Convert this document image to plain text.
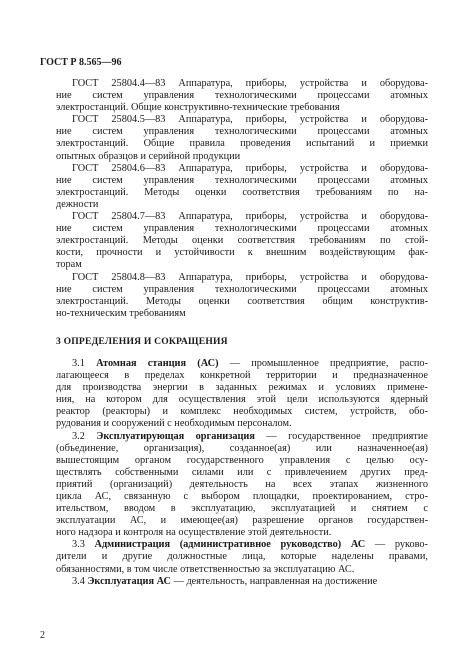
ГОСТ Р 8.565—96
ГОСТ 25804.4—83 Аппаратура, приборы, устройства и оборудова-
ние систем управления технологическими процессами атомных
электростанций. Общие конструктивно-технические требования
ГОСТ 25804.5—83 Аппаратура, приборы, устройства и оборудова-
ние систем управления технологическими процессами атомных
электростанций. Общие правила проведения испытаний и приемки
опытных образцов и серийной продукции
ГОСТ 25804.6—83 Аппаратура, приборы, устройства и оборудова-
ние систем управления технологическими процессами атомных
электростанций. Методы оценки соответствия требованиям по на-
дежности
ГОСТ 25804.7—83 Аппаратура, приборы, устройства и оборудова-
ние систем управления технологическими процессами атомных
электростанций. Методы оценки соответствия требованиям по стой-
кости, прочности и устойчивости к внешним воздействующим фак-
торам
ГОСТ 25804.8—83 Аппаратура, приборы, устройства и оборудова-
ние систем управления технологическими процессами атомных
электростанций. Методы оценки соответствия общим конструктив-
но-техническим требованиям
3 ОПРЕДЕЛЕНИЯ И СОКРАЩЕНИЯ
3.1 Атомная станция (АС) — промышленное предприятие, распо-
лагающееся в пределах конкретной территории и предназначенное
для производства энергии в заданных режимах и условиях примене-
ния, на котором для осуществления этой цели используются ядерный
реактор (реакторы) и комплекс необходимых систем, устройств, обо-
рудования и сооружений с необходимым персоналом.
3.2 Эксплуатирующая организация — государственное предприятие
(объединение, организация), созданное(ая) или назначенное(ая)
вышестоящим органом государственного управления с целью осу-
ществлять собственными силами или с привлечением других пред-
приятий (организаций) деятельность на всех этапах жизненного
цикла АС, связанную с выбором площадки, проектированием, стро-
ительством, вводом в эксплуатацию, эксплуатацией и снятием с
эксплуатации АС, и имеющее(ая) разрешение органов государствен-
ного надзора и контроля на осуществление этой деятельности.
3.3 Администрация (административное руководство) АС — руково-
дители и другие должностные лица, которые наделены правами,
обязанностями, в том числе ответственностью за эксплуатацию АС.
3.4 Эксплуатация АС — деятельность, направленная на достижение
2
